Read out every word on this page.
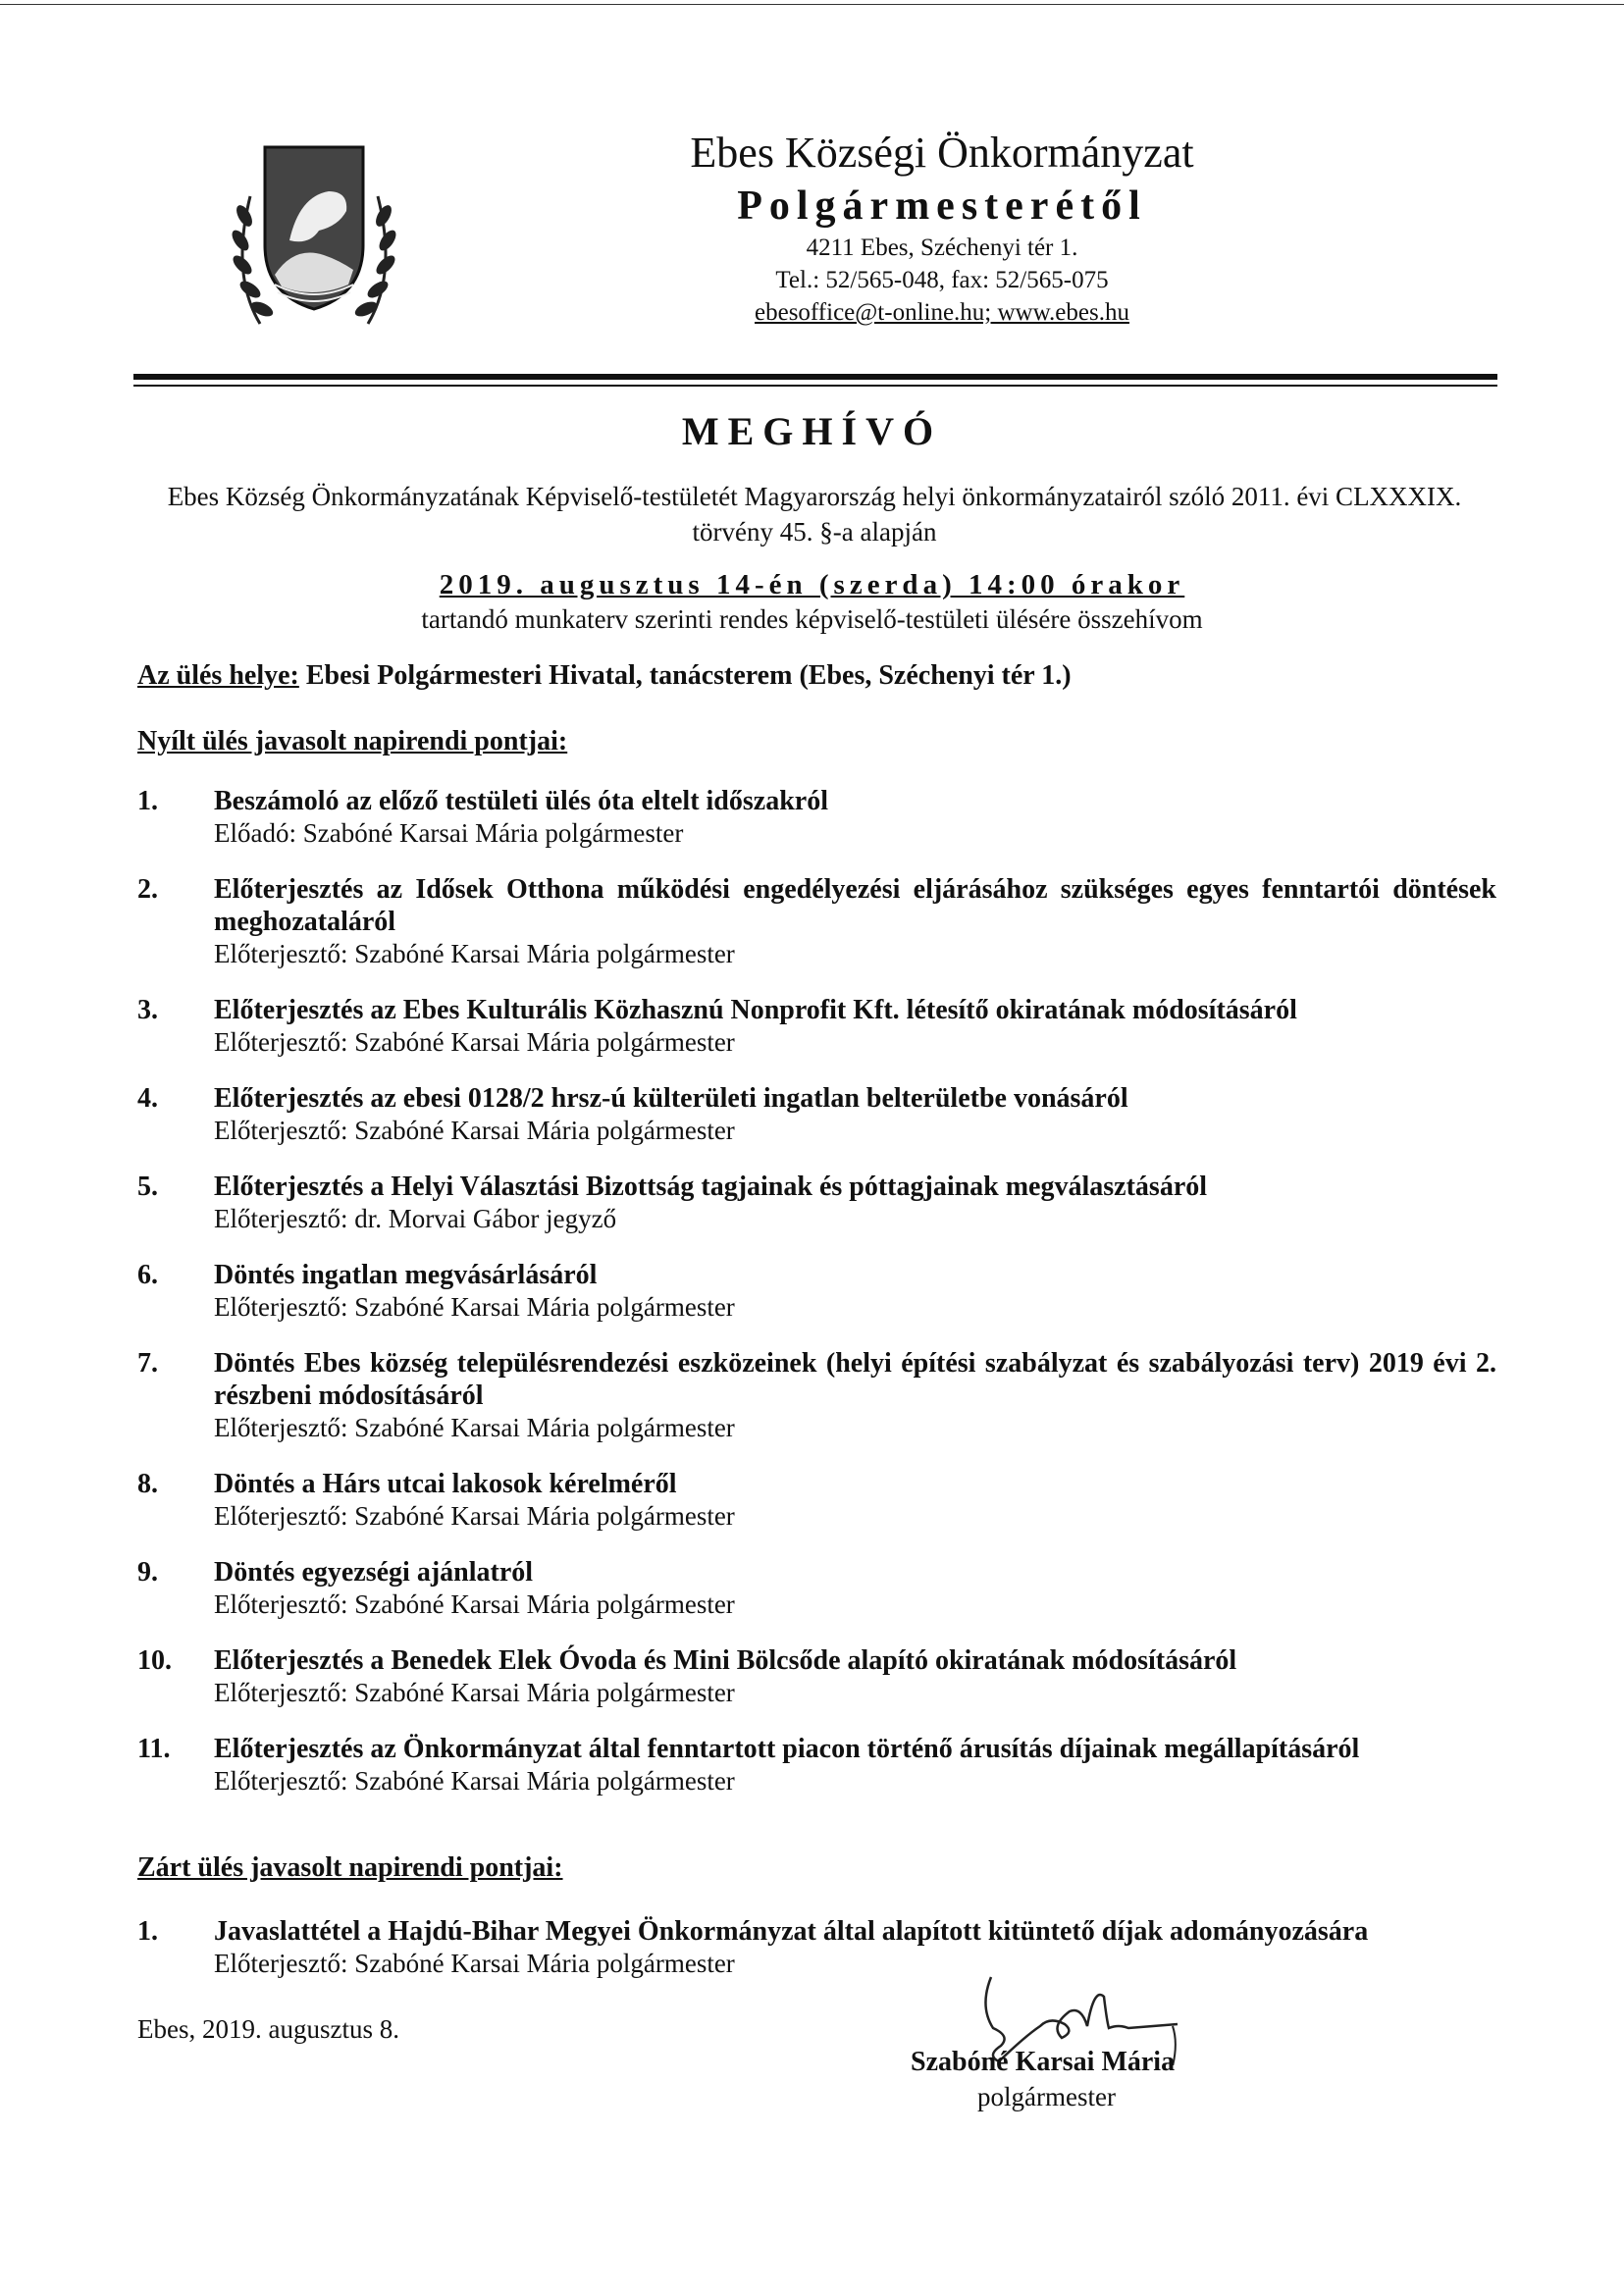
Ebes Községi Önkormányzat
Polgármesterétől
4211 Ebes, Széchenyi tér 1.
Tel.: 52/565-048, fax: 52/565-075
ebesoffice@t-online.hu; www.ebes.hu
MEGHÍVÓ
Ebes Község Önkormányzatának Képviselő-testületét Magyarország helyi önkormányzatairól szóló 2011. évi CLXXXIX. törvény 45. §-a alapján
2019. augusztus 14-én (szerda) 14:00 órakor
tartandó munkaterv szerinti rendes képviselő-testületi ülésére összehívom
Az ülés helye: Ebesi Polgármesteri Hivatal, tanácsterem (Ebes, Széchenyi tér 1.)
Nyílt ülés javasolt napirendi pontjai:
1. Beszámoló az előző testületi ülés óta eltelt időszakról
Előadó: Szabóné Karsai Mária polgármester
2. Előterjesztés az Idősek Otthona működési engedélyezési eljárásához szükséges egyes fenntartói döntések meghozataláról
Előterjesztő: Szabóné Karsai Mária polgármester
3. Előterjesztés az Ebes Kulturális Közhasznú Nonprofit Kft. létesítő okiratának módosításáról
Előterjesztő: Szabóné Karsai Mária polgármester
4. Előterjesztés az ebesi 0128/2 hrsz-ú külterületi ingatlan belterületbe vonásáról
Előterjesztő: Szabóné Karsai Mária polgármester
5. Előterjesztés a Helyi Választási Bizottság tagjainak és póttagjainak megválasztásáról
Előterjesztő: dr. Morvai Gábor jegyző
6. Döntés ingatlan megvásárlásáról
Előterjesztő: Szabóné Karsai Mária polgármester
7. Döntés Ebes község településrendezési eszközeinek (helyi építési szabályzat és szabályozási terv) 2019 évi 2. részbeni módosításáról
Előterjesztő: Szabóné Karsai Mária polgármester
8. Döntés a Hárs utcai lakosok kérelméről
Előterjesztő: Szabóné Karsai Mária polgármester
9. Döntés egyezségi ajánlatról
Előterjesztő: Szabóné Karsai Mária polgármester
10. Előterjesztés a Benedek Elek Óvoda és Mini Bölcsőde alapító okiratának módosításáról
Előterjesztő: Szabóné Karsai Mária polgármester
11. Előterjesztés az Önkormányzat által fenntartott piacon történő árusítás díjainak megállapításáról
Előterjesztő: Szabóné Karsai Mária polgármester
Zárt ülés javasolt napirendi pontjai:
1. Javaslattétel a Hajdú-Bihar Megyei Önkormányzat által alapított kitüntető díjak adományozására
Előterjesztő: Szabóné Karsai Mária polgármester
Ebes, 2019. augusztus 8.
Szabóné Karsai Mária
polgármester
